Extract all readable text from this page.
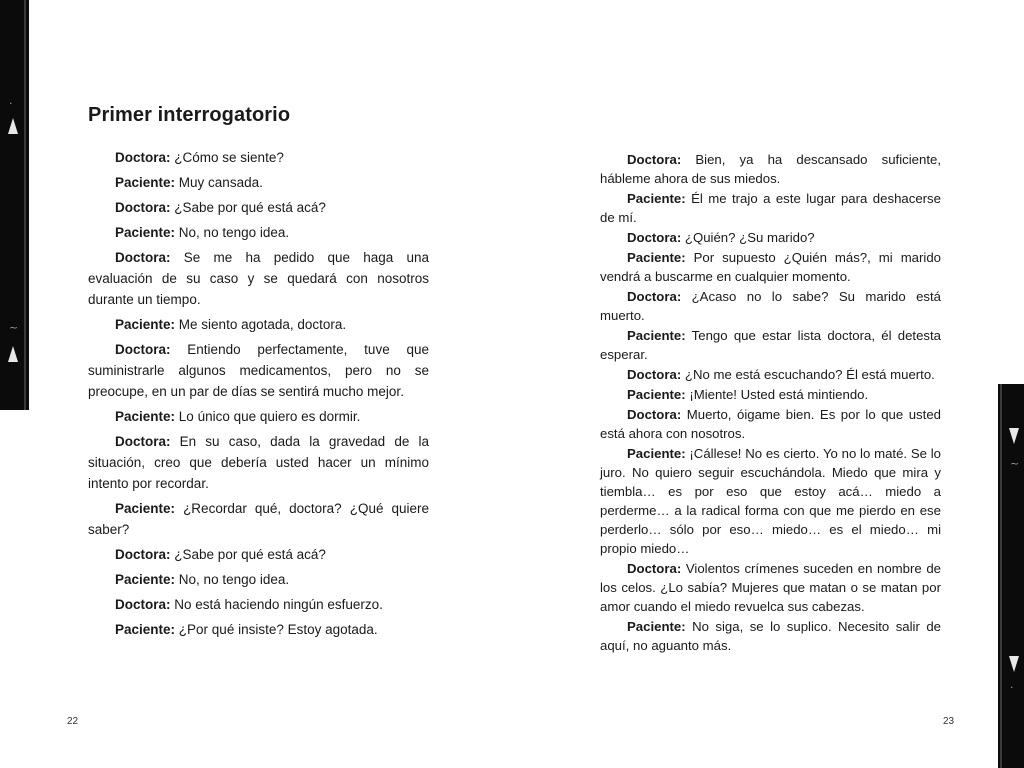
·
~
~
·
Primer interrogatorio

Doctora: ¿Cómo se siente?

Paciente: Muy cansada.

Doctora: ¿Sabe por qué está acá?

Paciente: No, no tengo idea.

Doctora: Se me ha pedido que haga una evaluación de su caso y se quedará con nosotros durante un tiempo.

Paciente: Me siento agotada, doctora.

Doctora: Entiendo perfectamente, tuve que suministrarle algunos medicamentos, pero no se preocupe, en un par de días se sentirá mucho mejor.

Paciente: Lo único que quiero es dormir.

Doctora: En su caso, dada la gravedad de la situación, creo que debería usted hacer un mínimo intento por recordar.

Paciente: ¿Recordar qué, doctora? ¿Qué quiere saber?

Doctora: ¿Sabe por qué está acá?

Paciente: No, no tengo idea.

Doctora: No está haciendo ningún esfuerzo.

Paciente: ¿Por qué insiste? Estoy agotada.

22

Doctora: Bien, ya ha descansado suficiente, hábleme ahora de sus miedos.

Paciente: Él me trajo a este lugar para deshacerse de mí.

Doctora: ¿Quién? ¿Su marido?

Paciente: Por supuesto ¿Quién más?, mi marido vendrá a buscarme en cualquier momento.

Doctora: ¿Acaso no lo sabe? Su marido está muerto.

Paciente: Tengo que estar lista doctora, él detesta esperar.

Doctora: ¿No me está escuchando? Él está muerto.

Paciente: ¡Miente! Usted está mintiendo.

Doctora: Muerto, óigame bien. Es por lo que usted está ahora con nosotros.

Paciente: ¡Cállese! No es cierto. Yo no lo maté. Se lo juro. No quiero seguir escuchándola. Miedo que mira y tiembla… es por eso que estoy acá… miedo a perderme… a la radical forma con que me pierdo en ese perderlo… sólo por eso… miedo… es el miedo… mi propio miedo…

Doctora: Violentos crímenes suceden en nombre de los celos. ¿Lo sabía? Mujeres que matan o se matan por amor cuando el miedo revuelca sus cabezas.

Paciente: No siga, se lo suplico. Necesito salir de aquí, no aguanto más.

23
